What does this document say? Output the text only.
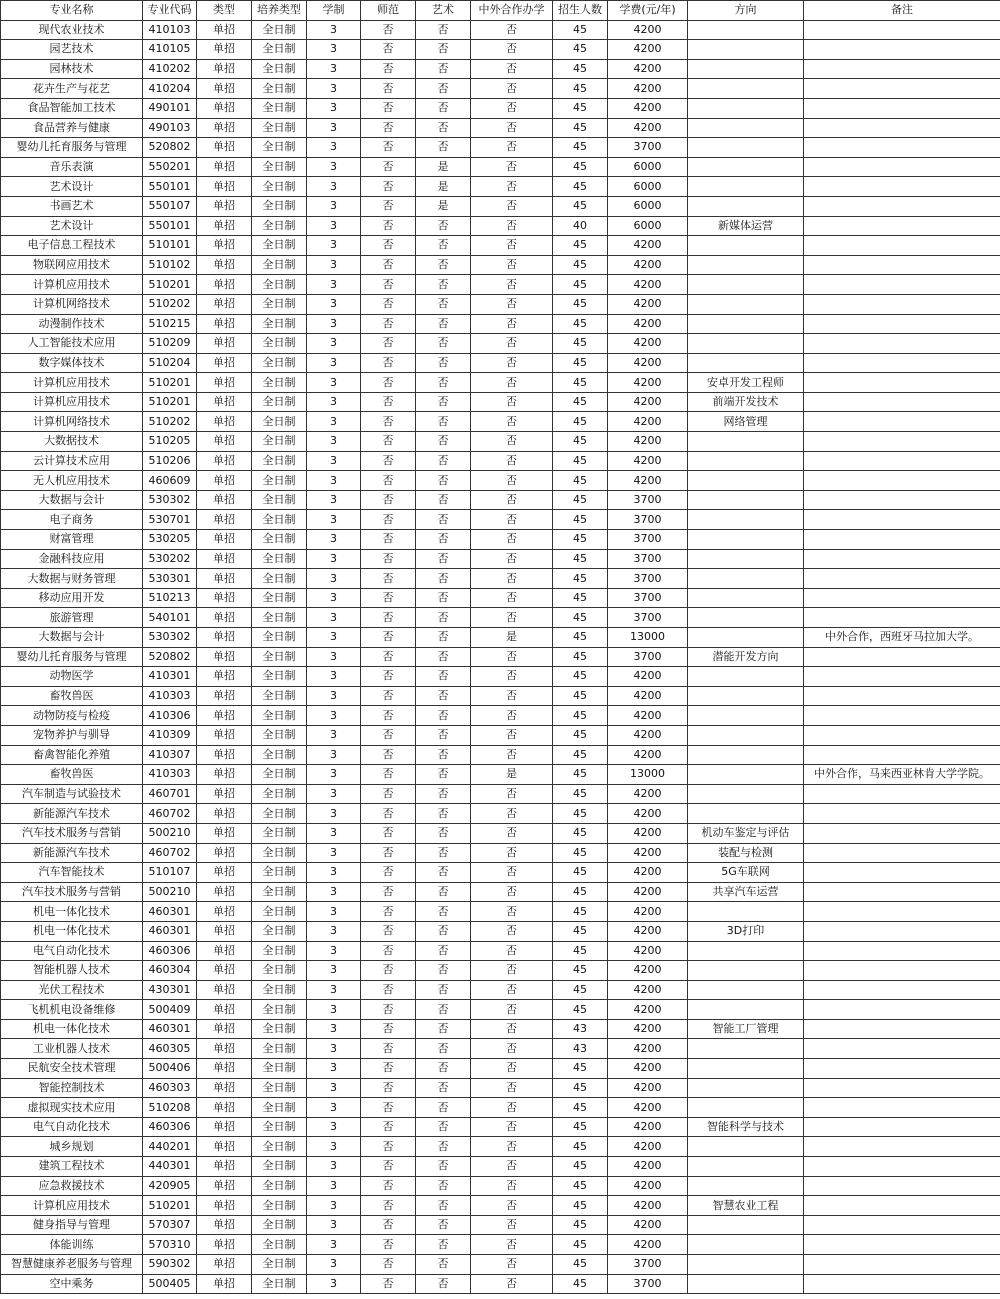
专业名称	专业代码	类型	培养类型	学制	师范	艺术	中外合作办学	招生人数	学费(元/年)	方向	备注
现代农业技术	410103	单招	全日制	3	否	否	否	45	4200		
园艺技术	410105	单招	全日制	3	否	否	否	45	4200		
园林技术	410202	单招	全日制	3	否	否	否	45	4200		
花卉生产与花艺	410204	单招	全日制	3	否	否	否	45	4200		
食品智能加工技术	490101	单招	全日制	3	否	否	否	45	4200		
食品营养与健康	490103	单招	全日制	3	否	否	否	45	4200		
婴幼儿托育服务与管理	520802	单招	全日制	3	否	否	否	45	3700		
音乐表演	550201	单招	全日制	3	否	是	否	45	6000		
艺术设计	550101	单招	全日制	3	否	是	否	45	6000		
书画艺术	550107	单招	全日制	3	否	是	否	45	6000		
艺术设计	550101	单招	全日制	3	否	否	否	40	6000	新媒体运营	
电子信息工程技术	510101	单招	全日制	3	否	否	否	45	4200		
物联网应用技术	510102	单招	全日制	3	否	否	否	45	4200		
计算机应用技术	510201	单招	全日制	3	否	否	否	45	4200		
计算机网络技术	510202	单招	全日制	3	否	否	否	45	4200		
动漫制作技术	510215	单招	全日制	3	否	否	否	45	4200		
人工智能技术应用	510209	单招	全日制	3	否	否	否	45	4200		
数字媒体技术	510204	单招	全日制	3	否	否	否	45	4200		
计算机应用技术	510201	单招	全日制	3	否	否	否	45	4200	安卓开发工程师	
计算机应用技术	510201	单招	全日制	3	否	否	否	45	4200	前端开发技术	
计算机网络技术	510202	单招	全日制	3	否	否	否	45	4200	网络管理	
大数据技术	510205	单招	全日制	3	否	否	否	45	4200		
云计算技术应用	510206	单招	全日制	3	否	否	否	45	4200		
无人机应用技术	460609	单招	全日制	3	否	否	否	45	4200		
大数据与会计	530302	单招	全日制	3	否	否	否	45	3700		
电子商务	530701	单招	全日制	3	否	否	否	45	3700		
财富管理	530205	单招	全日制	3	否	否	否	45	3700		
金融科技应用	530202	单招	全日制	3	否	否	否	45	3700		
大数据与财务管理	530301	单招	全日制	3	否	否	否	45	3700		
移动应用开发	510213	单招	全日制	3	否	否	否	45	3700		
旅游管理	540101	单招	全日制	3	否	否	否	45	3700		
大数据与会计	530302	单招	全日制	3	否	否	是	45	13000		中外合作，西班牙马拉加大学。
婴幼儿托育服务与管理	520802	单招	全日制	3	否	否	否	45	3700	潜能开发方向	
动物医学	410301	单招	全日制	3	否	否	否	45	4200		
畜牧兽医	410303	单招	全日制	3	否	否	否	45	4200		
动物防疫与检疫	410306	单招	全日制	3	否	否	否	45	4200		
宠物养护与驯导	410309	单招	全日制	3	否	否	否	45	4200		
畜禽智能化养殖	410307	单招	全日制	3	否	否	否	45	4200		
畜牧兽医	410303	单招	全日制	3	否	否	是	45	13000		中外合作，马来西亚林肯大学学院。
汽车制造与试验技术	460701	单招	全日制	3	否	否	否	45	4200		
新能源汽车技术	460702	单招	全日制	3	否	否	否	45	4200		
汽车技术服务与营销	500210	单招	全日制	3	否	否	否	45	4200	机动车鉴定与评估	
新能源汽车技术	460702	单招	全日制	3	否	否	否	45	4200	装配与检测	
汽车智能技术	510107	单招	全日制	3	否	否	否	45	4200	5G车联网	
汽车技术服务与营销	500210	单招	全日制	3	否	否	否	45	4200	共享汽车运营	
机电一体化技术	460301	单招	全日制	3	否	否	否	45	4200		
机电一体化技术	460301	单招	全日制	3	否	否	否	45	4200	3D打印	
电气自动化技术	460306	单招	全日制	3	否	否	否	45	4200		
智能机器人技术	460304	单招	全日制	3	否	否	否	45	4200		
光伏工程技术	430301	单招	全日制	3	否	否	否	45	4200		
飞机机电设备维修	500409	单招	全日制	3	否	否	否	45	4200		
机电一体化技术	460301	单招	全日制	3	否	否	否	43	4200	智能工厂管理	
工业机器人技术	460305	单招	全日制	3	否	否	否	43	4200		
民航安全技术管理	500406	单招	全日制	3	否	否	否	45	4200		
智能控制技术	460303	单招	全日制	3	否	否	否	45	4200		
虚拟现实技术应用	510208	单招	全日制	3	否	否	否	45	4200		
电气自动化技术	460306	单招	全日制	3	否	否	否	45	4200	智能科学与技术	
城乡规划	440201	单招	全日制	3	否	否	否	45	4200		
建筑工程技术	440301	单招	全日制	3	否	否	否	45	4200		
应急救援技术	420905	单招	全日制	3	否	否	否	45	4200		
计算机应用技术	510201	单招	全日制	3	否	否	否	45	4200	智慧农业工程	
健身指导与管理	570307	单招	全日制	3	否	否	否	45	4200		
体能训练	570310	单招	全日制	3	否	否	否	45	4200		
智慧健康养老服务与管理	590302	单招	全日制	3	否	否	否	45	3700		
空中乘务	500405	单招	全日制	3	否	否	否	45	3700		
